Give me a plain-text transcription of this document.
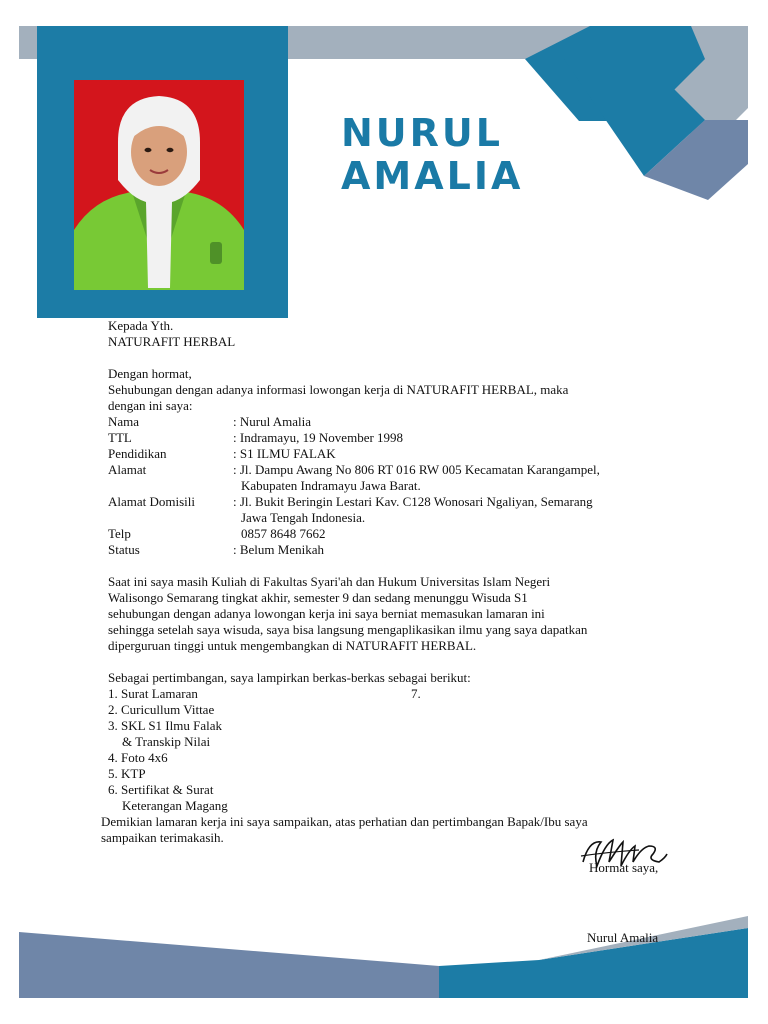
NURUL
AMALIA
Kepada Yth.
NATURAFIT HERBAL
Dengan hormat,
Sehubungan dengan adanya informasi lowongan kerja di NATURAFIT HERBAL, maka
dengan ini saya:
Nama	: Nurul Amalia
TTL	: Indramayu, 19 November 1998
Pendidikan	: S1 ILMU FALAK
Alamat	: Jl. Dampu Awang No 806 RT 016 RW 005 Kecamatan Karangampel,
Kabupaten Indramayu Jawa Barat.
Alamat Domisili	: Jl. Bukit Beringin Lestari Kav. C128 Wonosari Ngaliyan, Semarang
Jawa Tengah Indonesia.
Telp	0857 8648 7662
Status	: Belum Menikah
Saat ini saya masih Kuliah di Fakultas Syari'ah dan Hukum Universitas Islam Negeri
Walisongo Semarang tingkat akhir, semester 9 dan sedang menunggu Wisuda S1
sehubungan dengan adanya lowongan kerja ini saya berniat memasukan lamaran ini
sehingga setelah saya wisuda, saya bisa langsung mengaplikasikan ilmu yang saya dapatkan
diperguruan tinggi untuk mengembangkan di NATURAFIT HERBAL.
Sebagai pertimbangan, saya lampirkan berkas-berkas sebagai berikut:
1. Surat Lamaran	7.
2. Curicullum Vittae
3. SKL S1 Ilmu Falak
& Transkip Nilai
4. Foto 4x6
5. KTP
6. Sertifikat & Surat
Keterangan Magang
Demikian lamaran kerja ini saya sampaikan, atas perhatian dan pertimbangan Bapak/Ibu saya
sampaikan terimakasih.
Hormat saya,
Nurul Amalia
